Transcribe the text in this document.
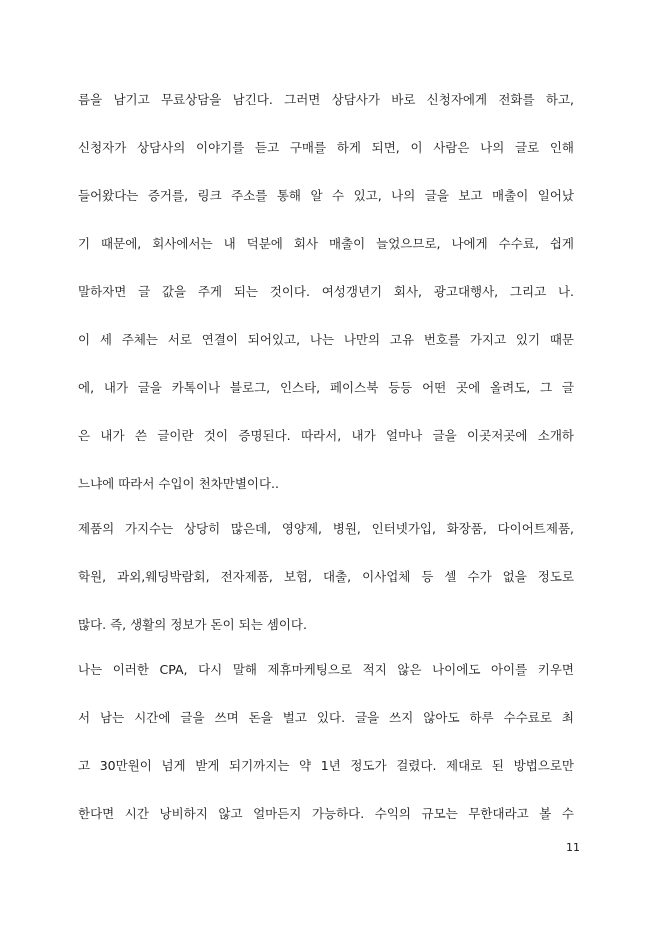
름을 남기고 무료상담을 남긴다. 그러면 상담사가 바로 신청자에게 전화를 하고,
신청자가 상담사의 이야기를 듣고 구매를 하게 되면, 이 사람은 나의 글로 인해
들어왔다는 증거를, 링크 주소를 통해 알 수 있고, 나의 글을 보고 매출이 일어났
기 때문에, 회사에서는 내 덕분에 회사 매출이 늘었으므로, 나에게 수수료, 쉽게
말하자면 글 값을 주게 되는 것이다. 여성갱년기 회사, 광고대행사, 그리고 나.
이 세 주체는 서로 연결이 되어있고, 나는 나만의 고유 번호를 가지고 있기 때문
에, 내가 글을 카톡이나 블로그, 인스타, 페이스북 등등 어떤 곳에 올려도, 그 글
은 내가 쓴 글이란 것이 증명된다. 따라서, 내가 얼마나 글을 이곳저곳에 소개하
느냐에 따라서 수입이 천차만별이다..
제품의 가지수는 상당히 많은데, 영양제, 병원, 인터넷가입, 화장품, 다이어트제품,
학원, 과외,웨딩박람회, 전자제품, 보험, 대출, 이사업체 등 셀 수가 없을 정도로
많다. 즉, 생활의 정보가 돈이 되는 셈이다.
나는 이러한 CPA, 다시 말해 제휴마케팅으로 적지 않은 나이에도 아이를 키우면
서 남는 시간에 글을 쓰며 돈을 벌고 있다. 글을 쓰지 않아도 하루 수수료로 최
고 30만원이 넘게 받게 되기까지는 약 1년 정도가 걸렸다. 제대로 된 방법으로만
한다면 시간 낭비하지 않고 얼마든지 가능하다. 수익의 규모는 무한대라고 볼 수
11
